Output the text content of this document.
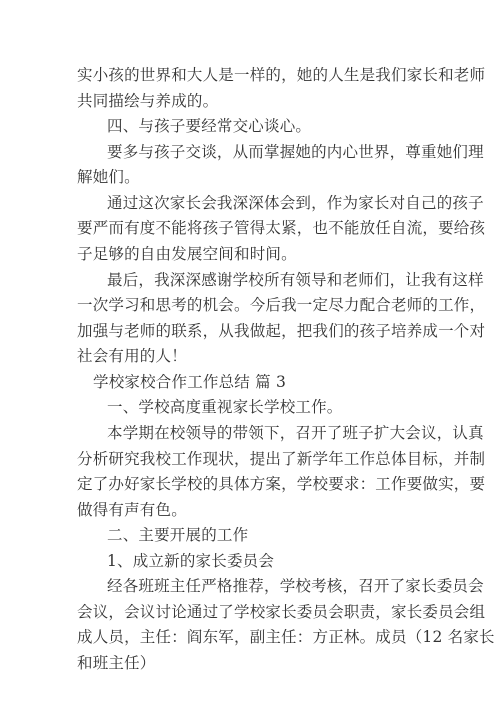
实小孩的世界和大人是一样的，她的人生是我们家长和老师
共同描绘与养成的。
四、与孩子要经常交心谈心。
要多与孩子交谈，从而掌握她的内心世界，尊重她们理
解她们。
通过这次家长会我深深体会到，作为家长对自己的孩子
要严而有度不能将孩子管得太紧，也不能放任自流，要给孩
子足够的自由发展空间和时间。
最后，我深深感谢学校所有领导和老师们，让我有这样
一次学习和思考的机会。今后我一定尽力配合老师的工作，
加强与老师的联系，从我做起，把我们的孩子培养成一个对
社会有用的人！
学校家校合作工作总结 篇 3
一、学校高度重视家长学校工作。
本学期在校领导的带领下，召开了班子扩大会议，认真
分析研究我校工作现状，提出了新学年工作总体目标，并制
定了办好家长学校的具体方案，学校要求：工作要做实，要
做得有声有色。
二、主要开展的工作
1、成立新的家长委员会
经各班班主任严格推荐，学校考核，召开了家长委员会
会议，会议讨论通过了学校家长委员会职责，家长委员会组
成人员，主任：阎东军，副主任：方正林。成员（12 名家长
和班主任）
